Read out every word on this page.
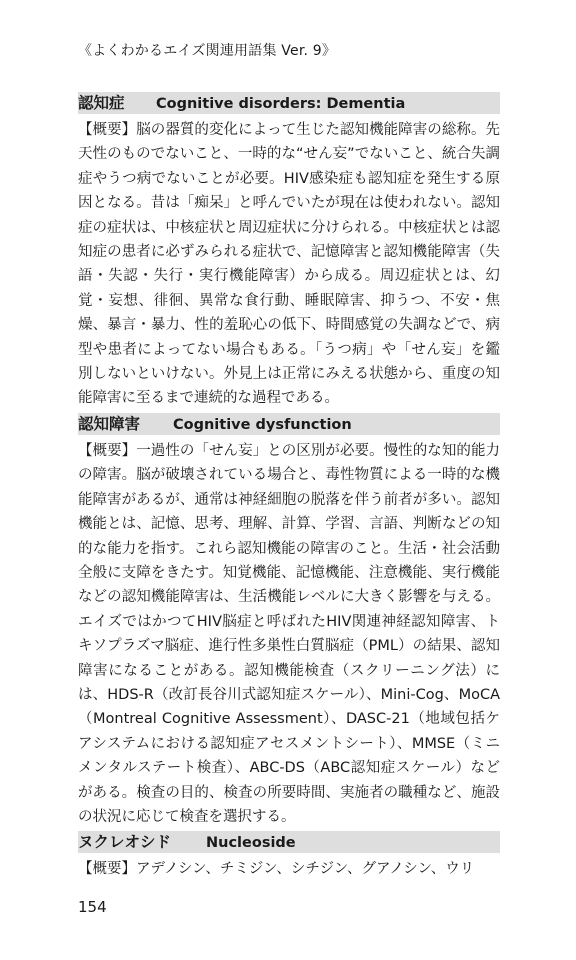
《よくわかるエイズ関連用語集 Ver. 9》
認知症 Cognitive disorders: Dementia

【概要】脳の器質的変化によって生じた認知機能障害の総称。先天性のものでないこと、一時的な“せん妄”でないこと、統合失調症やうつ病でないことが必要。HIV感染症も認知症を発生する原因となる。昔は「痴呆」と呼んでいたが現在は使われない。認知症の症状は、中核症状と周辺症状に分けられる。中核症状とは認知症の患者に必ずみられる症状で、記憶障害と認知機能障害（失語・失認・失行・実行機能障害）から成る。周辺症状とは、幻覚・妄想、徘徊、異常な食行動、睡眠障害、抑うつ、不安・焦燥、暴言・暴力、性的羞恥心の低下、時間感覚の失調などで、病型や患者によってない場合もある。「うつ病」や「せん妄」を鑑別しないといけない。外見上は正常にみえる状態から、重度の知能障害に至るまで連続的な過程である。

認知障害 Cognitive dysfunction

【概要】一過性の「せん妄」との区別が必要。慢性的な知的能力の障害。脳が破壊されている場合と、毒性物質による一時的な機能障害があるが、通常は神経細胞の脱落を伴う前者が多い。認知機能とは、記憶、思考、理解、計算、学習、言語、判断などの知的な能力を指す。これら認知機能の障害のこと。生活・社会活動全般に支障をきたす。知覚機能、記憶機能、注意機能、実行機能などの認知機能障害は、生活機能レベルに大きく影響を与える。エイズではかつてHIV脳症と呼ばれたHIV関連神経認知障害、トキソプラズマ脳症、進行性多巣性白質脳症（PML）の結果、認知障害になることがある。認知機能検査（スクリーニング法）には、HDS-R（改訂長谷川式認知症スケール）、Mini-Cog、MoCA（Montreal Cognitive Assessment）、DASC-21（地域包括ケアシステムにおける認知症アセスメントシート）、MMSE（ミニメンタルステート検査）、ABC-DS（ABC認知症スケール）などがある。検査の目的、検査の所要時間、実施者の職種など、施設の状況に応じて検査を選択する。

ヌクレオシド Nucleoside

【概要】アデノシン、チミジン、シチジン、グアノシン、ウリ

154
